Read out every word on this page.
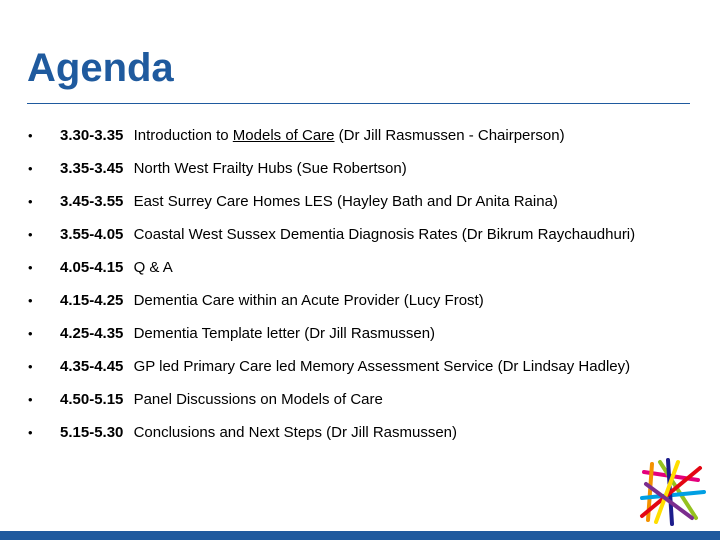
Agenda
• 3.30-3.35 Introduction to Models of Care (Dr Jill Rasmussen - Chairperson)
• 3.35-3.45 North West Frailty Hubs (Sue Robertson)
• 3.45-3.55 East Surrey Care Homes LES (Hayley Bath and Dr Anita Raina)
• 3.55-4.05 Coastal West Sussex Dementia Diagnosis Rates (Dr Bikrum Raychaudhuri)
• 4.05-4.15 Q & A
• 4.15-4.25 Dementia Care within an Acute Provider (Lucy Frost)
• 4.25-4.35 Dementia Template letter (Dr Jill Rasmussen)
• 4.35-4.45 GP led Primary Care led Memory Assessment Service (Dr Lindsay Hadley)
• 4.50-5.15 Panel Discussions on Models of Care
• 5.15-5.30 Conclusions and Next Steps (Dr Jill Rasmussen)
